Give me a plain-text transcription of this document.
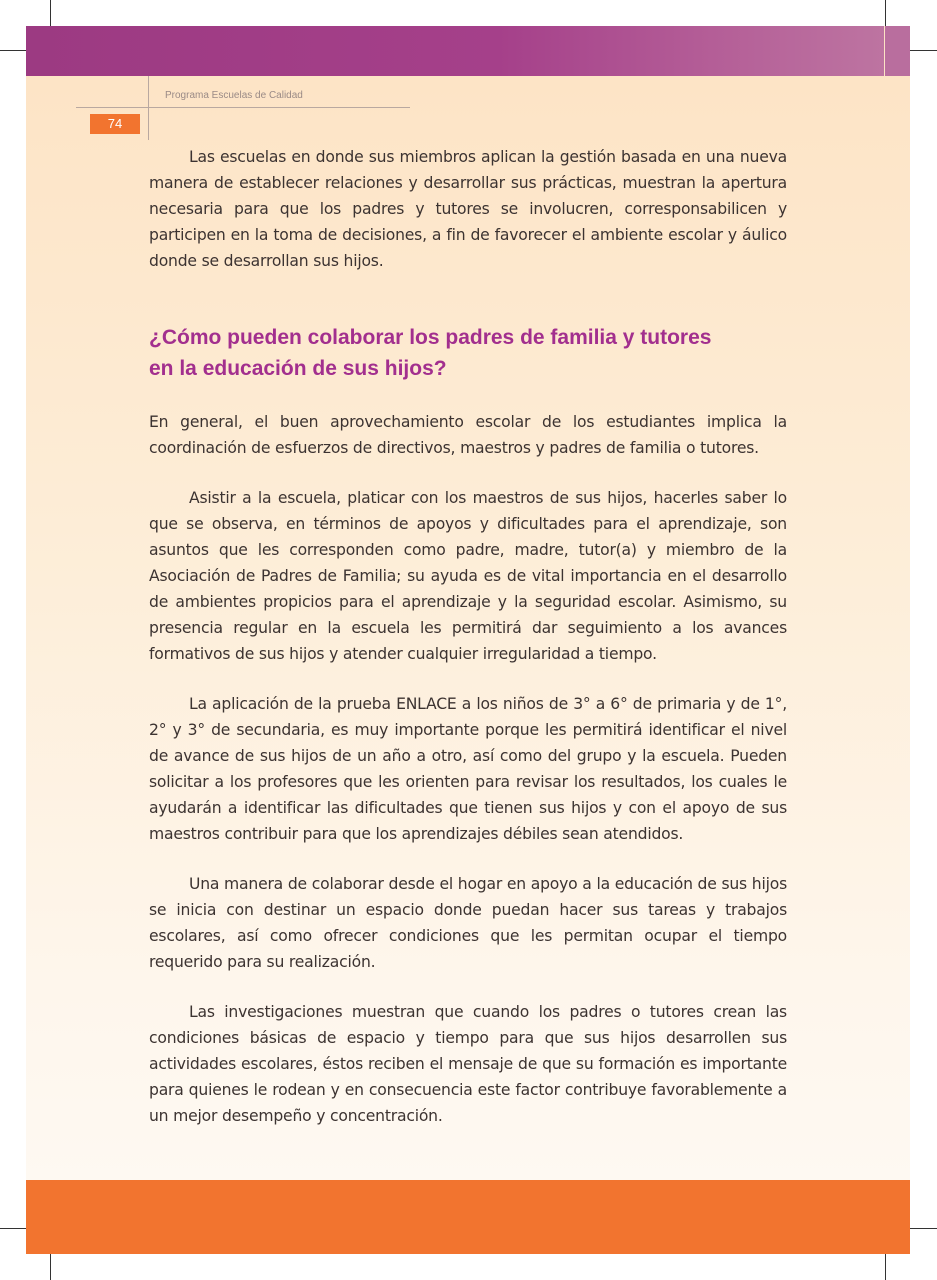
Programa Escuelas de Calidad
74

Las escuelas en donde sus miembros aplican la gestión basada en una nueva manera de establecer relaciones y desarrollar sus prácticas, muestran la apertura necesaria para que los padres y tutores se involucren, corresponsabilicen y participen en la toma de decisiones, a fin de favorecer el ambiente escolar y áulico donde se desarrollan sus hijos.

¿Cómo pueden colaborar los padres de familia y tutores
en la educación de sus hijos?

En general, el buen aprovechamiento escolar de los estudiantes implica la coordinación de esfuerzos de directivos, maestros y padres de familia o tutores.

Asistir a la escuela, platicar con los maestros de sus hijos, hacerles saber lo que se observa, en términos de apoyos y dificultades para el aprendizaje, son asuntos que les corresponden como padre, madre, tutor(a) y miembro de la Asociación de Padres de Familia; su ayuda es de vital importancia en el desarrollo de ambientes propicios para el aprendizaje y la seguridad escolar. Asimismo, su presencia regular en la escuela les permitirá dar seguimiento a los avances formativos de sus hijos y atender cualquier irregularidad a tiempo.

La aplicación de la prueba ENLACE a los niños de 3° a 6° de primaria y de 1°, 2° y 3° de secundaria, es muy importante porque les permitirá identificar el nivel de avance de sus hijos de un año a otro, así como del grupo y la escuela. Pueden solicitar a los profesores que les orienten para revisar los resultados, los cuales le ayudarán a identificar las dificultades que tienen sus hijos y con el apoyo de sus maestros contribuir para que los aprendizajes débiles sean atendidos.

Una manera de colaborar desde el hogar en apoyo a la educación de sus hijos se inicia con destinar un espacio donde puedan hacer sus tareas y trabajos escolares, así como ofrecer condiciones que les permitan ocupar el tiempo requerido para su realización.

Las investigaciones muestran que cuando los padres o tutores crean las condiciones básicas de espacio y tiempo para que sus hijos desarrollen sus actividades escolares, éstos reciben el mensaje de que su formación es importante para quienes le rodean y en consecuencia este factor contribuye favorablemente a un mejor desempeño y concentración.
